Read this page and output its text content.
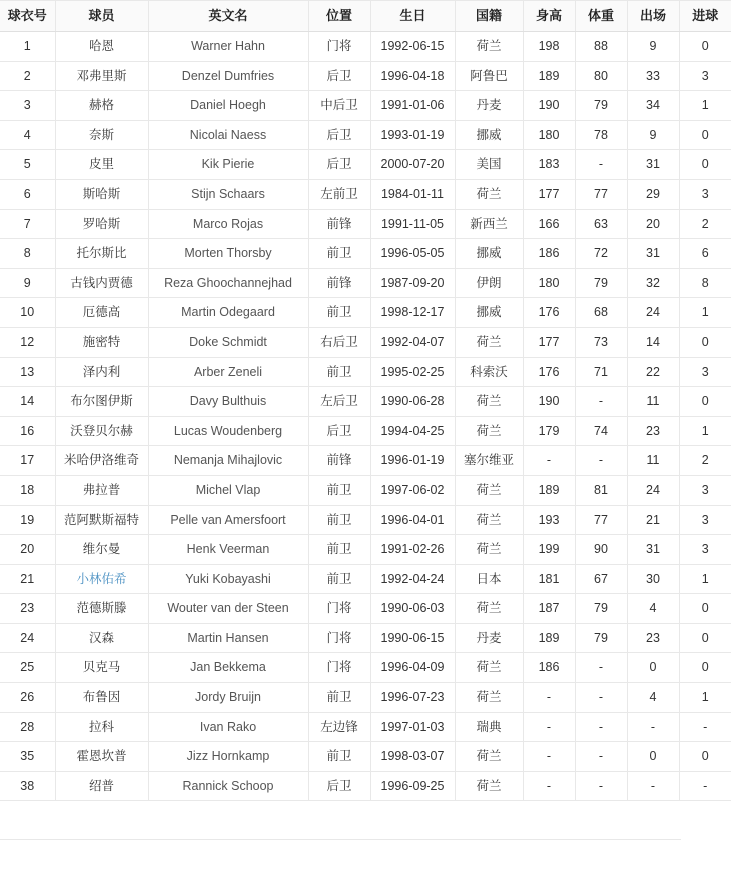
球衣号	球员	英文名	位置	生日	国籍	身高	体重	出场	进球
1	哈恩	Warner Hahn	门将	1992-06-15	荷兰	198	88	9	0
2	邓弗里斯	Denzel Dumfries	后卫	1996-04-18	阿鲁巴	189	80	33	3
3	赫格	Daniel Hoegh	中后卫	1991-01-06	丹麦	190	79	34	1
4	奈斯	Nicolai Naess	后卫	1993-01-19	挪威	180	78	9	0
5	皮里	Kik Pierie	后卫	2000-07-20	美国	183	-	31	0
6	斯哈斯	Stijn Schaars	左前卫	1984-01-11	荷兰	177	77	29	3
7	罗哈斯	Marco Rojas	前锋	1991-11-05	新西兰	166	63	20	2
8	托尔斯比	Morten Thorsby	前卫	1996-05-05	挪威	186	72	31	6
9	古钱内贾德	Reza Ghoochannejhad	前锋	1987-09-20	伊朗	180	79	32	8
10	厄德高	Martin Odegaard	前卫	1998-12-17	挪威	176	68	24	1
12	施密特	Doke Schmidt	右后卫	1992-04-07	荷兰	177	73	14	0
13	泽内利	Arber Zeneli	前卫	1995-02-25	科索沃	176	71	22	3
14	布尔图伊斯	Davy Bulthuis	左后卫	1990-06-28	荷兰	190	-	11	0
16	沃登贝尔赫	Lucas Woudenberg	后卫	1994-04-25	荷兰	179	74	23	1
17	米哈伊洛维奇	Nemanja Mihajlovic	前锋	1996-01-19	塞尔维亚	-	-	11	2
18	弗拉普	Michel Vlap	前卫	1997-06-02	荷兰	189	81	24	3
19	范阿默斯福特	Pelle van Amersfoort	前卫	1996-04-01	荷兰	193	77	21	3
20	维尔曼	Henk Veerman	前卫	1991-02-26	荷兰	199	90	31	3
21	小林佑希	Yuki Kobayashi	前卫	1992-04-24	日本	181	67	30	1
23	范德斯滕	Wouter van der Steen	门将	1990-06-03	荷兰	187	79	4	0
24	汉森	Martin Hansen	门将	1990-06-15	丹麦	189	79	23	0
25	贝克马	Jan Bekkema	门将	1996-04-09	荷兰	186	-	0	0
26	布鲁因	Jordy Bruijn	前卫	1996-07-23	荷兰	-	-	4	1
28	拉科	Ivan Rako	左边锋	1997-01-03	瑞典	-	-	-	-
35	霍恩坎普	Jizz Hornkamp	前卫	1998-03-07	荷兰	-	-	0	0
38	绍普	Rannick Schoop	后卫	1996-09-25	荷兰	-	-	-	-
